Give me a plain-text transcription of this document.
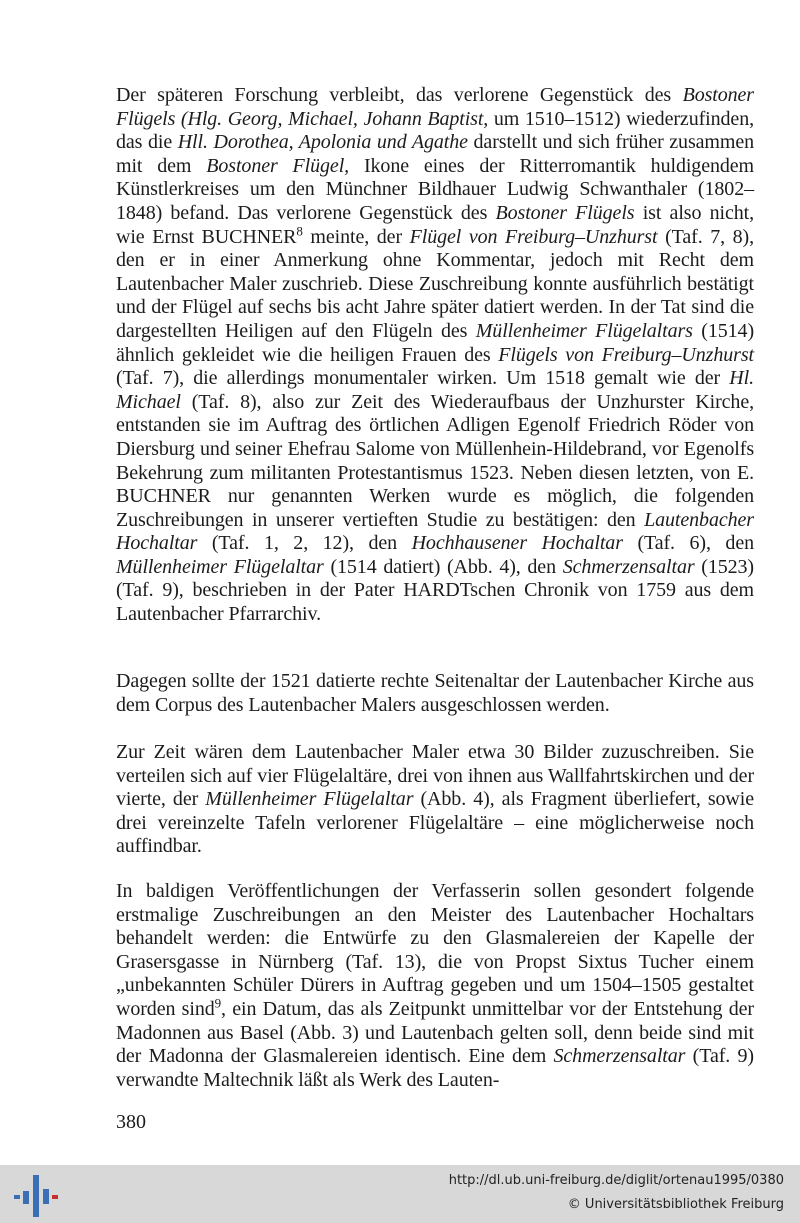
Der späteren Forschung verbleibt, das verlorene Gegenstück des Bostoner Flügels (Hlg. Georg, Michael, Johann Baptist, um 1510–1512) wiederzufinden, das die Hll. Dorothea, Apolonia und Agathe darstellt und sich früher zusammen mit dem Bostoner Flügel, Ikone eines der Ritterromantik huldigendem Künstlerkreises um den Münchner Bildhauer Ludwig Schwanthaler (1802–1848) befand. Das verlorene Gegenstück des Bostoner Flügels ist also nicht, wie Ernst BUCHNER$^8$ meinte, der Flügel von Freiburg–Unzhurst (Taf. 7, 8), den er in einer Anmerkung ohne Kommentar, jedoch mit Recht dem Lautenbacher Maler zuschrieb. Diese Zuschreibung konnte ausführlich bestätigt und der Flügel auf sechs bis acht Jahre später datiert werden. In der Tat sind die dargestellten Heiligen auf den Flügeln des Müllenheimer Flügelaltars (1514) ähnlich gekleidet wie die heiligen Frauen des Flügels von Freiburg–Unzhurst (Taf. 7), die allerdings monumentaler wirken. Um 1518 gemalt wie der Hl. Michael (Taf. 8), also zur Zeit des Wiederaufbaus der Unzhurster Kirche, entstanden sie im Auftrag des örtlichen Adligen Egenolf Friedrich Röder von Diersburg und seiner Ehefrau Salome von Müllenhein-Hildebrand, vor Egenolfs Bekehrung zum militanten Protestantismus 1523. Neben diesen letzten, von E. BUCHNER nur genannten Werken wurde es möglich, die folgenden Zuschreibungen in unserer vertieften Studie zu bestätigen: den Lautenbacher Hochaltar (Taf. 1, 2, 12), den Hochhausener Hochaltar (Taf. 6), den Müllenheimer Flügelaltar (1514 datiert) (Abb. 4), den Schmerzensaltar (1523) (Taf. 9), beschrieben in der Pater HARDTschen Chronik von 1759 aus dem Lautenbacher Pfarrarchiv.

Dagegen sollte der 1521 datierte rechte Seitenaltar der Lautenbacher Kirche aus dem Corpus des Lautenbacher Malers ausgeschlossen werden.

Zur Zeit wären dem Lautenbacher Maler etwa 30 Bilder zuzuschreiben. Sie verteilen sich auf vier Flügelaltäre, drei von ihnen aus Wallfahrtskirchen und der vierte, der Müllenheimer Flügelaltar (Abb. 4), als Fragment überliefert, sowie drei vereinzelte Tafeln verlorener Flügelaltäre – eine möglicherweise noch auffindbar.

In baldigen Veröffentlichungen der Verfasserin sollen gesondert folgende erstmalige Zuschreibungen an den Meister des Lautenbacher Hochaltars behandelt werden: die Entwürfe zu den Glasmalereien der Kapelle der Grasersgasse in Nürnberg (Taf. 13), die von Propst Sixtus Tucher einem „unbekannten Schüler Dürers in Auftrag gegeben und um 1504–1505 gestaltet worden sind$^9$, ein Datum, das als Zeitpunkt unmittelbar vor der Entstehung der Madonnen aus Basel (Abb. 3) und Lautenbach gelten soll, denn beide sind mit der Madonna der Glasmalereien identisch. Eine dem Schmerzensaltar (Taf. 9) verwandte Maltechnik läßt als Werk des Lauten-

380

http://dl.ub.uni-freiburg.de/diglit/ortenau1995/0380

© Universitätsbibliothek Freiburg
